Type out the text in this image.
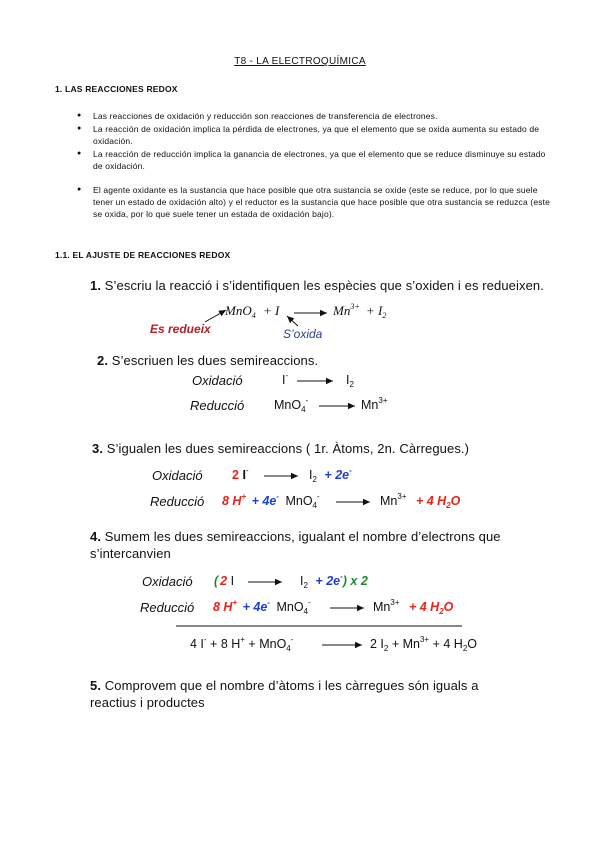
T8 - LA ELECTROQUÍMICA
1. LAS REACCIONES REDOX
● Las reacciones de oxidación y reducción son reacciones de transferencia de electrones.
● La reacción de oxidación implica la pérdida de electrones, ya que el elemento que se oxida aumenta su estado de oxidación.
● La reacción de reducción implica la ganancia de electrones, ya que el elemento que se reduce disminuye su estado de oxidación.
● El agente oxidante es la sustancia que hace posible que otra sustancia se oxide (este se reduce, por lo que suele tener un estado de oxidación alto) y el reductor es la sustancia que hace posible que otra sustancia se reduzca (este se oxida, por lo que suele tener un estada de oxidación bajo).
1.1. EL AJUSTE DE REACCIONES REDOX
1. S’escriu la reacció i s’identifiquen les espècies que s’oxiden i es redueixen.
MnO$_4$ + I	$Mn^{3+} + I_2$
Es redueix	S’oxida
2. S’escriuen les dues semireaccions.
Oxidació	I-	$I_2$
Reducció MnO$_4$-	$Mn^{3+}$
3. S’igualen les dues semireaccions ( 1r. Àtoms, 2n. Càrregues.)
Oxidació 2 I-	$I_2 + 2e^-$
Reducció 8 H+ + 4e- MnO$_4$-	$Mn^{3+} + 4$ $H_2O$
4. Sumem les dues semireaccions, igualant el nombre d’electrons que
s’intercanvien
Oxidació ( 2 I	$I_2 + 2e^-$) x 2
Reducció 8 H+ + 4e- MnO$_4$-	$Mn^{3+} + 4$ $H_2O$
4 I- + 8 H+ + MnO$_4$-	2 $I_2 + Mn^{3+} + 4$ $H_2O$
5. Comprovem que el nombre d’àtoms i les càrregues són iguals a
reactius i productes
